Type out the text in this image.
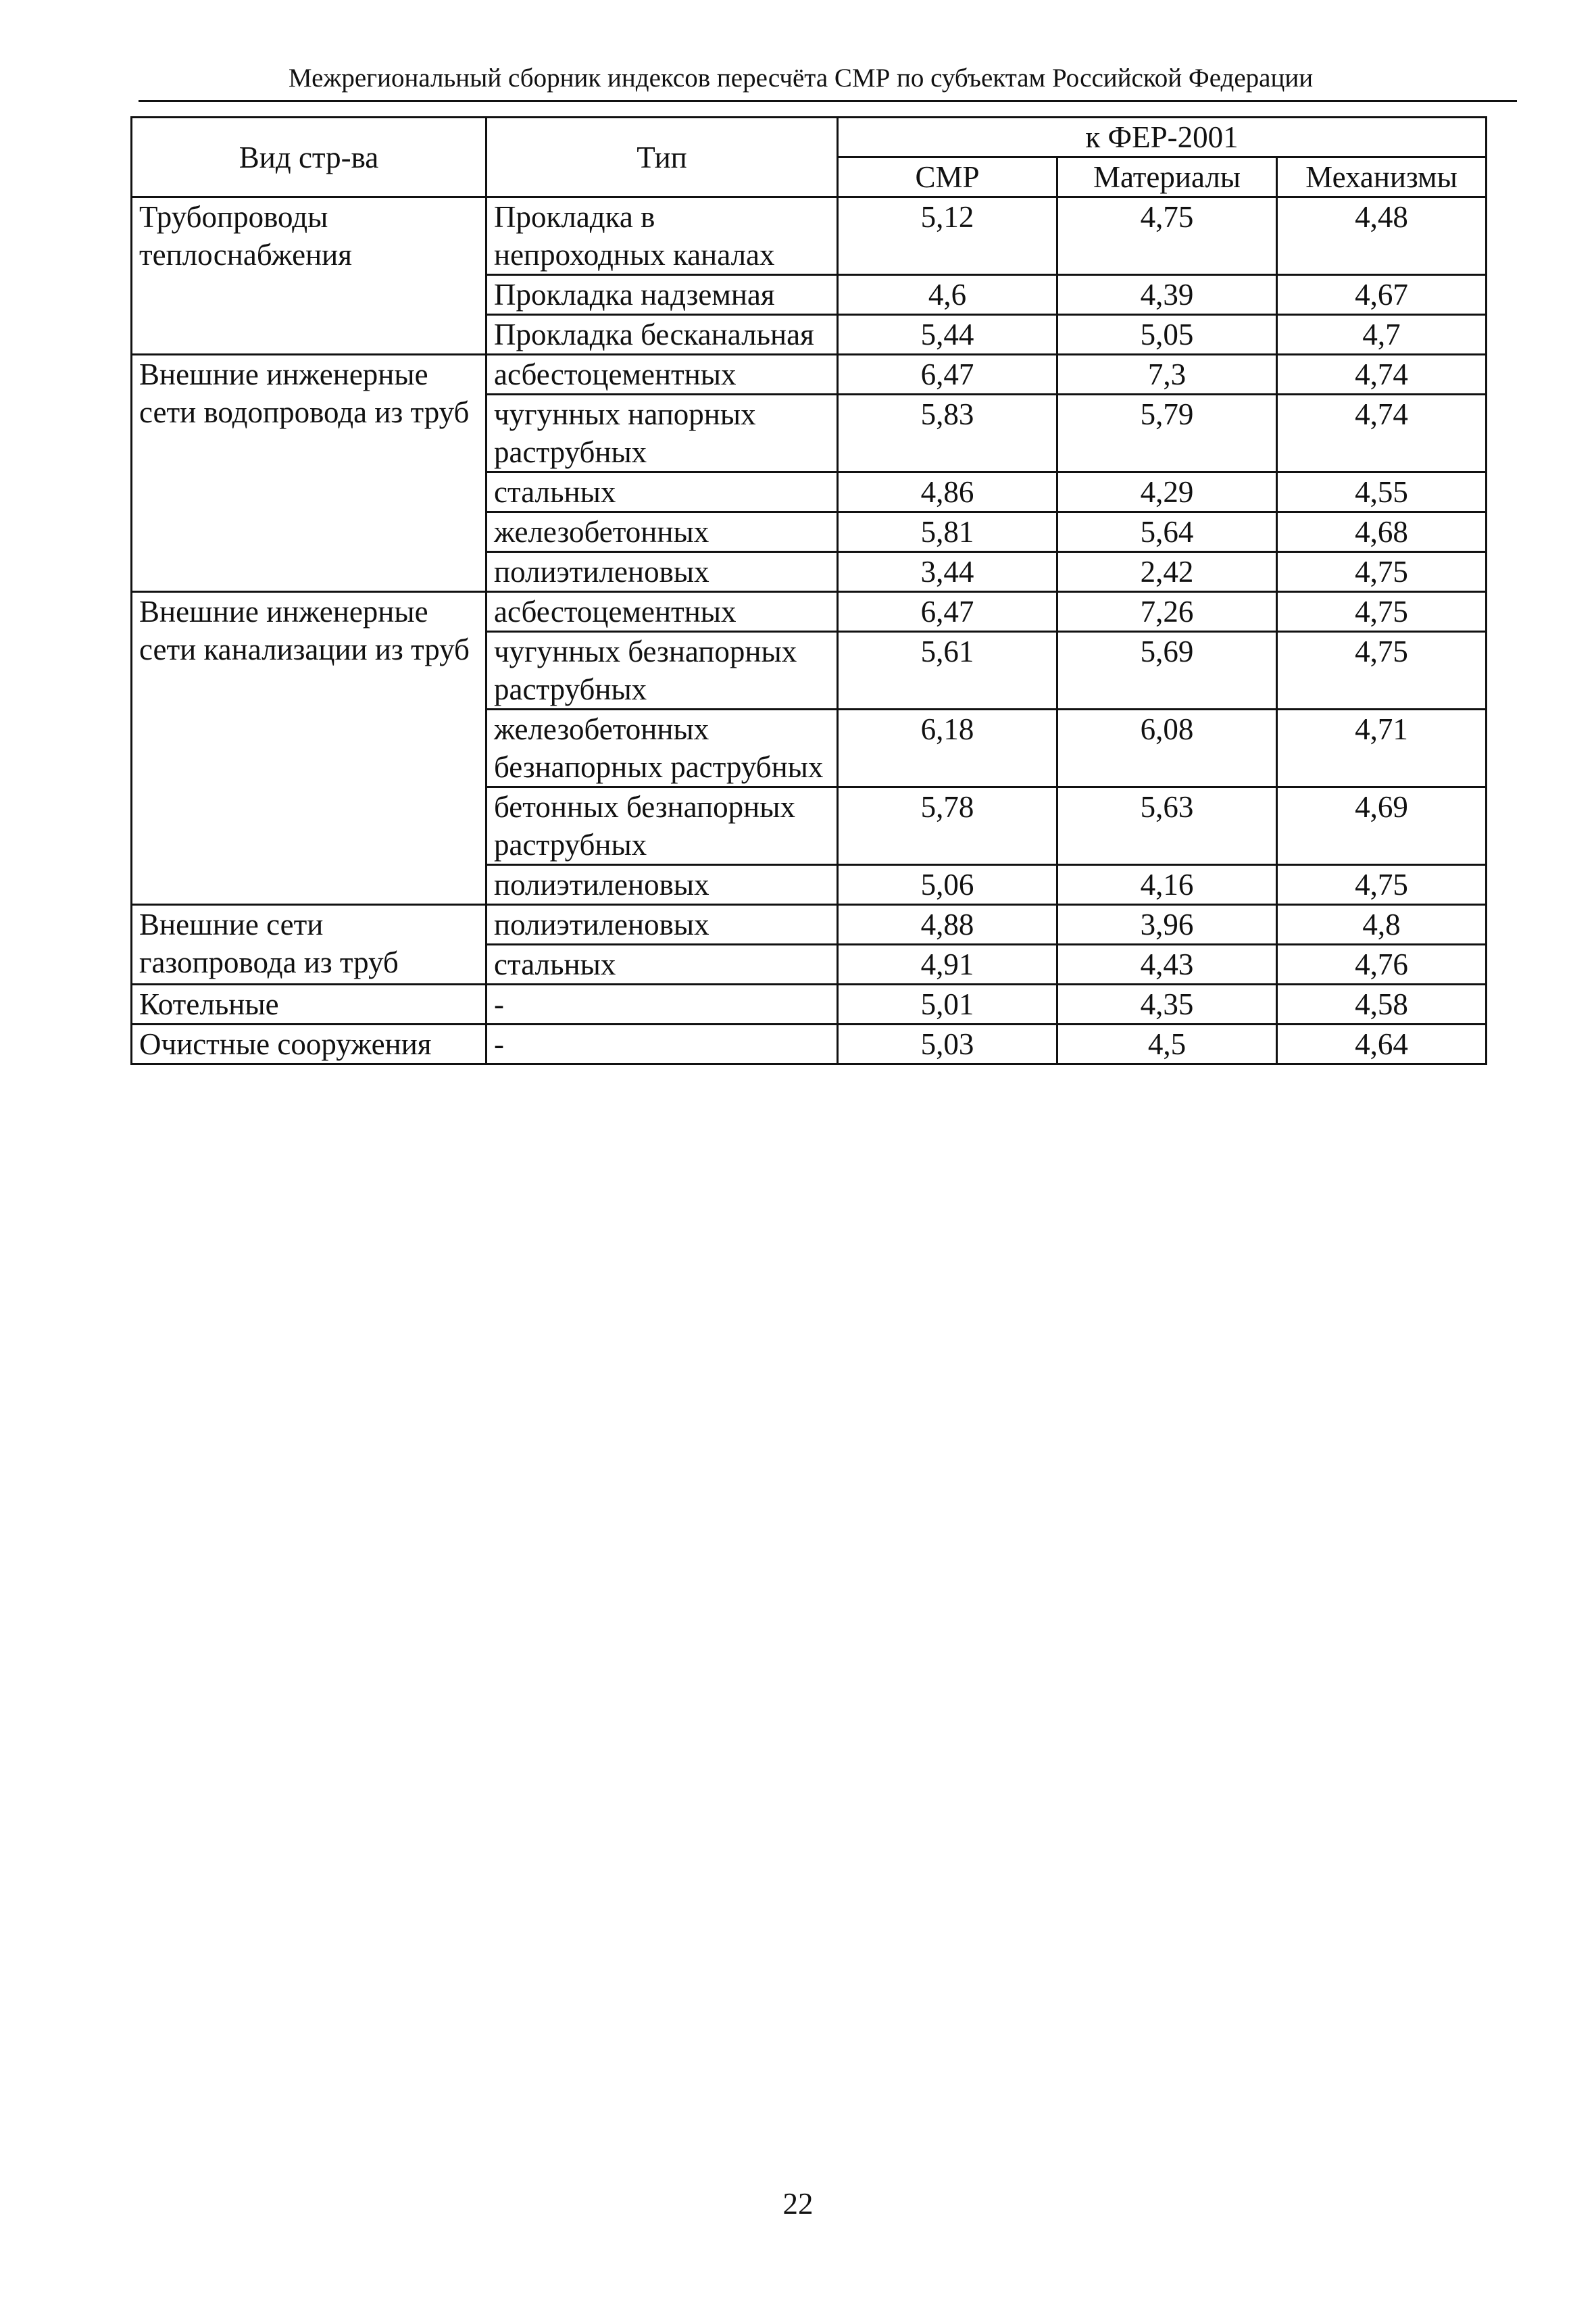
Межрегиональный сборник индексов пересчёта СМР по субъектам Российской Федерации
Вид стр-ва	Тип	к ФЕР-2001		
		СМР	Материалы	Механизмы
Трубопроводы теплоснабжения	Прокладка в непроходных каналах	5,12	4,75	4,48
	Прокладка надземная	4,6	4,39	4,67
	Прокладка бесканальная	5,44	5,05	4,7
Внешние инженерные сети водопровода из труб	асбестоцементных	6,47	7,3	4,74
	чугунных напорных раструбных	5,83	5,79	4,74
	стальных	4,86	4,29	4,55
	железобетонных	5,81	5,64	4,68
	полиэтиленовых	3,44	2,42	4,75
Внешние инженерные сети канализации из труб	асбестоцементных	6,47	7,26	4,75
	чугунных безнапорных раструбных	5,61	5,69	4,75
	железобетонных безнапорных раструбных	6,18	6,08	4,71
	бетонных безнапорных раструбных	5,78	5,63	4,69
	полиэтиленовых	5,06	4,16	4,75
Внешние сети газопровода из труб	полиэтиленовых	4,88	3,96	4,8
	стальных	4,91	4,43	4,76
Котельные	-	5,01	4,35	4,58
Очистные сооружения	-	5,03	4,5	4,64
22
